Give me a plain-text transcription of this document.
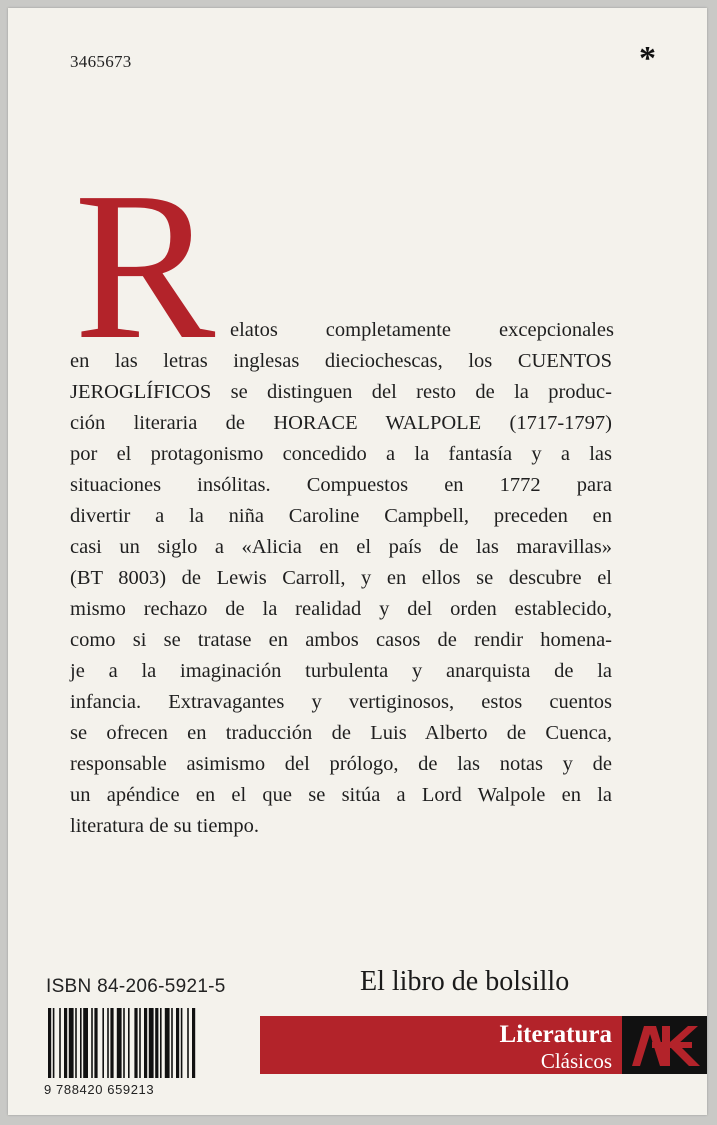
3465673	*
R elatos completamente excepcionales
en las letras inglesas dieciochescas, los CUENTOS
JEROGLÍFICOS se distinguen del resto de la produc-
ción literaria de HORACE WALPOLE (1717-1797)
por el protagonismo concedido a la fantasía y a las
situaciones insólitas. Compuestos en 1772 para
divertir a la niña Caroline Campbell, preceden en
casi un siglo a «Alicia en el país de las maravillas»
(BT 8003) de Lewis Carroll, y en ellos se descubre el
mismo rechazo de la realidad y del orden establecido,
como si se tratase en ambos casos de rendir homena-
je a la imaginación turbulenta y anarquista de la
infancia. Extravagantes y vertiginosos, estos cuentos
se ofrecen en traducción de Luis Alberto de Cuenca,
responsable asimismo del prólogo, de las notas y de
un apéndice en el que se sitúa a Lord Walpole en la
literatura de su tiempo.
ISBN 84-206-5921-5
9 788420 659213
El libro de bolsillo
Literatura
Clásicos
